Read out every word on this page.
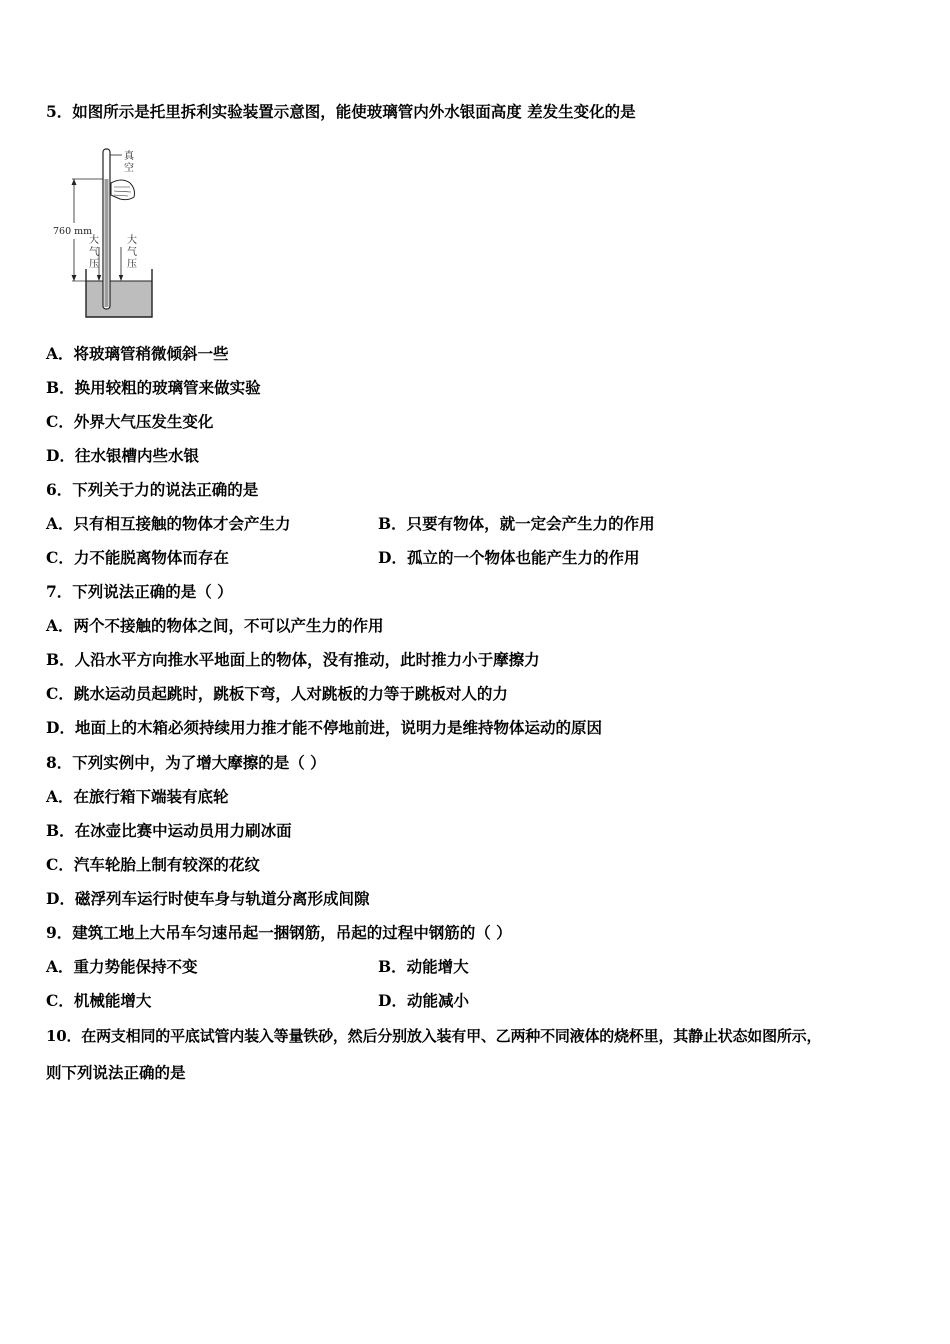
5．如图所示是托里拆利实验装置示意图，能使玻璃管内外水银面高度 差发生变化的是
真
空
760 mm
大
气
压
大
气
压
A．将玻璃管稍微倾斜一些
B．换用较粗的玻璃管来做实验
C．外界大气压发生变化
D．往水银槽内些水银
6．下列关于力的说法正确的是
A．只有相互接触的物体才会产生力	B．只要有物体，就一定会产生力的作用
C．力不能脱离物体而存在	D．孤立的一个物体也能产生力的作用
7．下列说法正确的是（ ）
A．两个不接触的物体之间，不可以产生力的作用
B．人沿水平方向推水平地面上的物体，没有推动，此时推力小于摩擦力
C．跳水运动员起跳时，跳板下弯，人对跳板的力等于跳板对人的力
D．地面上的木箱必须持续用力推才能不停地前进，说明力是维持物体运动的原因
8．下列实例中，为了增大摩擦的是（ ）
A．在旅行箱下端装有底轮
B．在冰壶比赛中运动员用力刷冰面
C．汽车轮胎上制有较深的花纹
D．磁浮列车运行时使车身与轨道分离形成间隙
9．建筑工地上大吊车匀速吊起一捆钢筋，吊起的过程中钢筋的（ ）
A．重力势能保持不变	B．动能增大
C．机械能增大	D．动能减小
10．在两支相同的平底试管内装入等量铁砂，然后分别放入装有甲、乙两种不同液体的烧杯里，其静止状态如图所示，
则下列说法正确的是
